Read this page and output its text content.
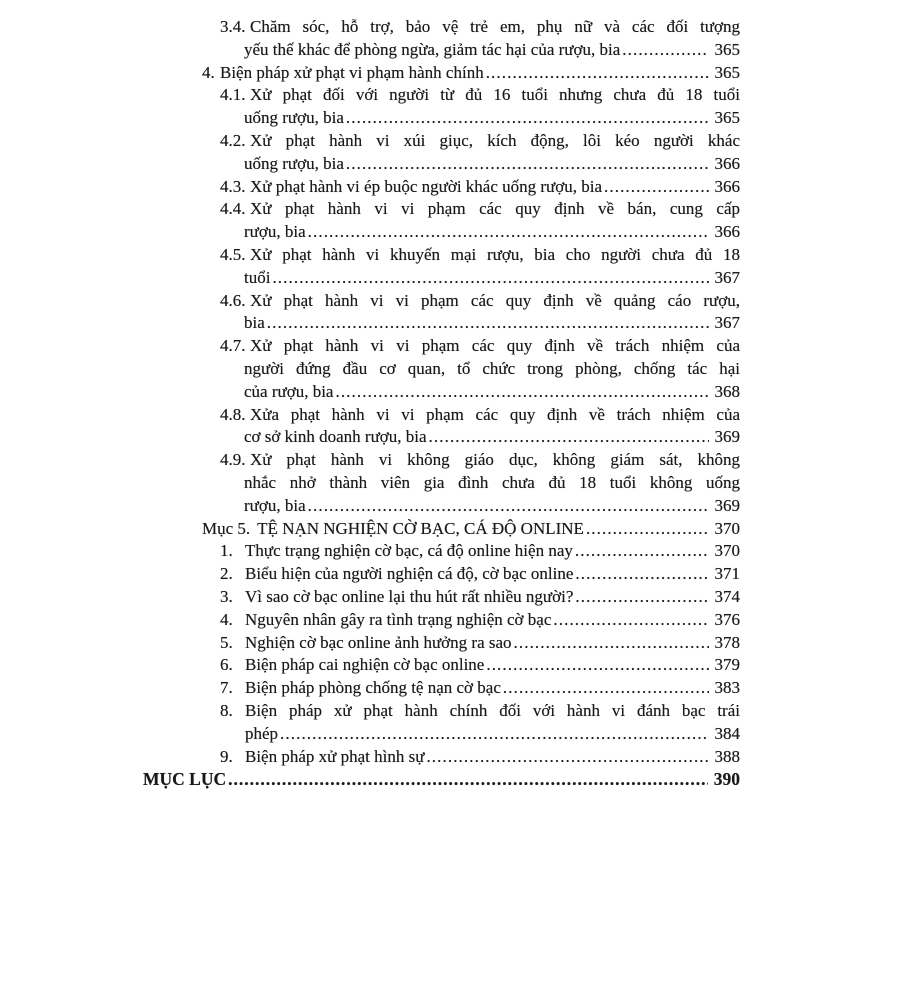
3.4. Chăm sóc, hỗ trợ, bảo vệ trẻ em, phụ nữ và các đối tượng
yếu thế khác để phòng ngừa, giảm tác hại của rượu, bia .....	365
4. Biện pháp xử phạt vi phạm hành chính .....	365
4.1. Xử phạt đối với người từ đủ 16 tuổi nhưng chưa đủ 18 tuổi
uống rượu, bia .....	365
4.2. Xử phạt hành vi xúi giục, kích động, lôi kéo người khác
uống rượu, bia .....	366
4.3. Xử phạt hành vi ép buộc người khác uống rượu, bia .....	366
4.4. Xử phạt hành vi vi phạm các quy định về bán, cung cấp
rượu, bia .....	366
4.5. Xử phạt hành vi khuyến mại rượu, bia cho người chưa đủ 18
tuổi .....	367
4.6. Xử phạt hành vi vi phạm các quy định về quảng cáo rượu,
bia .....	367
4.7. Xử phạt hành vi vi phạm các quy định về trách nhiệm của
người đứng đầu cơ quan, tổ chức trong phòng, chống tác hại
của rượu, bia .....	368
4.8. Xửa phạt hành vi vi phạm các quy định về trách nhiệm của
cơ sở kinh doanh rượu, bia .....	369
4.9. Xử phạt hành vi không giáo dục, không giám sát, không
nhắc nhở thành viên gia đình chưa đủ 18 tuổi không uống
rượu, bia .....	369
Mục 5. TỆ NẠN NGHIỆN CỜ BẠC, CÁ ĐỘ ONLINE .....	370
1. Thực trạng nghiện cờ bạc, cá độ online hiện nay .....	370
2. Biểu hiện của người nghiện cá độ, cờ bạc online .....	371
3. Vì sao cờ bạc online lại thu hút rất nhiều người? .....	374
4. Nguyên nhân gây ra tình trạng nghiện cờ bạc .....	376
5. Nghiện cờ bạc online ảnh hưởng ra sao .....	378
6. Biện pháp cai nghiện cờ bạc online .....	379
7. Biện pháp phòng chống tệ nạn cờ bạc .....	383
8. Biện pháp xử phạt hành chính đối với hành vi đánh bạc trái
phép .....	384
9. Biện pháp xử phạt hình sự .....	388
MỤC LỤC .....	390
